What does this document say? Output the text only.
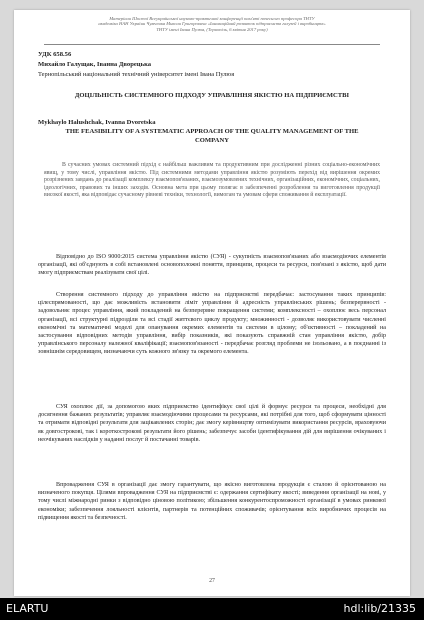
Матеріали Шостої Всеукраїнської науково-практичної конференції пам'яті почесного професора ТНТУ
академіка НАН України Чумченка Миколи Григоровича «Інноваційний розвиток підприємств галузей і виробництв»
ТНТУ імені Івана Пулюя, (Тернопіль, 6 квітня 2017 року)
УДК 658.56
Михайло Галущак, Іванна Дворецька
Тернопільський національний технічний університет імені Івана Пулюя
ДОЦІЛЬНІСТЬ СИСТЕМНОГО ПІДХОДУ УПРАВЛІННЯ ЯКІСТЮ НА ПІДПРИЄМСТВІ
Mykhaylo Halushchak, Ivanna Dvoretska
THE FEASIBILITY OF A SYSTEMATIC APPROACH OF THE QUALITY MANAGEMENT OF THE COMPANY
В сучасних умовах системний підхід є найбільш важливим та продуктивним при дослідженні різних соціально-економічних явищ, у тому числі, управління якістю. Під системними методами управління якістю розуміють перехід від вирішення окремих розрізнених завдань до реалізації комплексу взаємопов'язаних, взаємозумовлених технічних, організаційних, економічних, соціальних, ідеологічних, правових та інших заходів. Основна мета при цьому полягає в забезпеченні розроблення та виготовлення продукції високої якості, яка відповідає сучасному рівневі техніки, технології, вимогам та умовам сфери споживання й експлуатації.
Відповідно до ISO 9000:2015 система управління якістю (СУЯ) - сукупність взаємопов'язаних або взаємодіючих елементів організації, які об'єднують в собі встановлені основоположні поняття, принципи, процеси та ресурси, пов'язані з якістю, щоб дати змогу підприємствам реалізувати свої цілі.
Створення системного підходу до управління якістю на підприємстві передбачає: застосування таких принципів: цілеспрямованості, що дає можливість встановити ліміт управління й адресність управлінських рішень; безперервності - задовольняє процес управління, який покладений на безперервне покращення системи; комплексності – охоплює весь персонал організації, всі структурні підрозділи та всі стадії життєвого циклу продукту; множинності - дозволяє використовувати численні економічні та математичні моделі для опанування окремих елементів та системи в цілому; об'єктивності – покладений на застосування відповідних методів управління, вибір показників, які показують справжній стан управління якістю, добір управлінського персоналу належної кваліфікації; взаємопов'язаності - передбачає розгляд проблеми не ізольовано, а в поєднанні із зовнішнім середовищем, визначаючи суть кожного зв'язку та окремого елемента.
СУЯ охоплює дії, за допомогою яких підприємство ідентифікує свої цілі й формує ресурси та процеси, необхідні для досягнення бажаних результатів; управляє взаємодіючими процесами та ресурсами, які потрібні для того, щоб сформувати цінності та отримати відповідні результати для зацікавлених сторін; дає змогу керівництву оптимізувати використання ресурсів, враховуючи як довгострокові, так і короткострокові результати його рішень; забезпечує засоби ідентифікування дій для вирішення очікуваних і неочікуваних наслідків у наданні послуг й постачанні товарів.
Впровадження СУЯ в організації дає змогу гарантувати, що якісно виготовлена продукція є сталою й орієнтованою на визначеного покупця. Цілями впровадження СУЯ на підприємстві є: одержання сертифікату якості; виведення організації на нові, у тому числі міжнародні ринки з відповідно ціновою політикою; збільшення конкурентоспроможності організації в умовах ринкової економіки; забезпечення лояльності клієнтів, партнерів та потенційних споживачів; орієнтування всіх виробничих процесів на підвищення якості та безпечності.
27
ELARTU	hdl:lib/21335
